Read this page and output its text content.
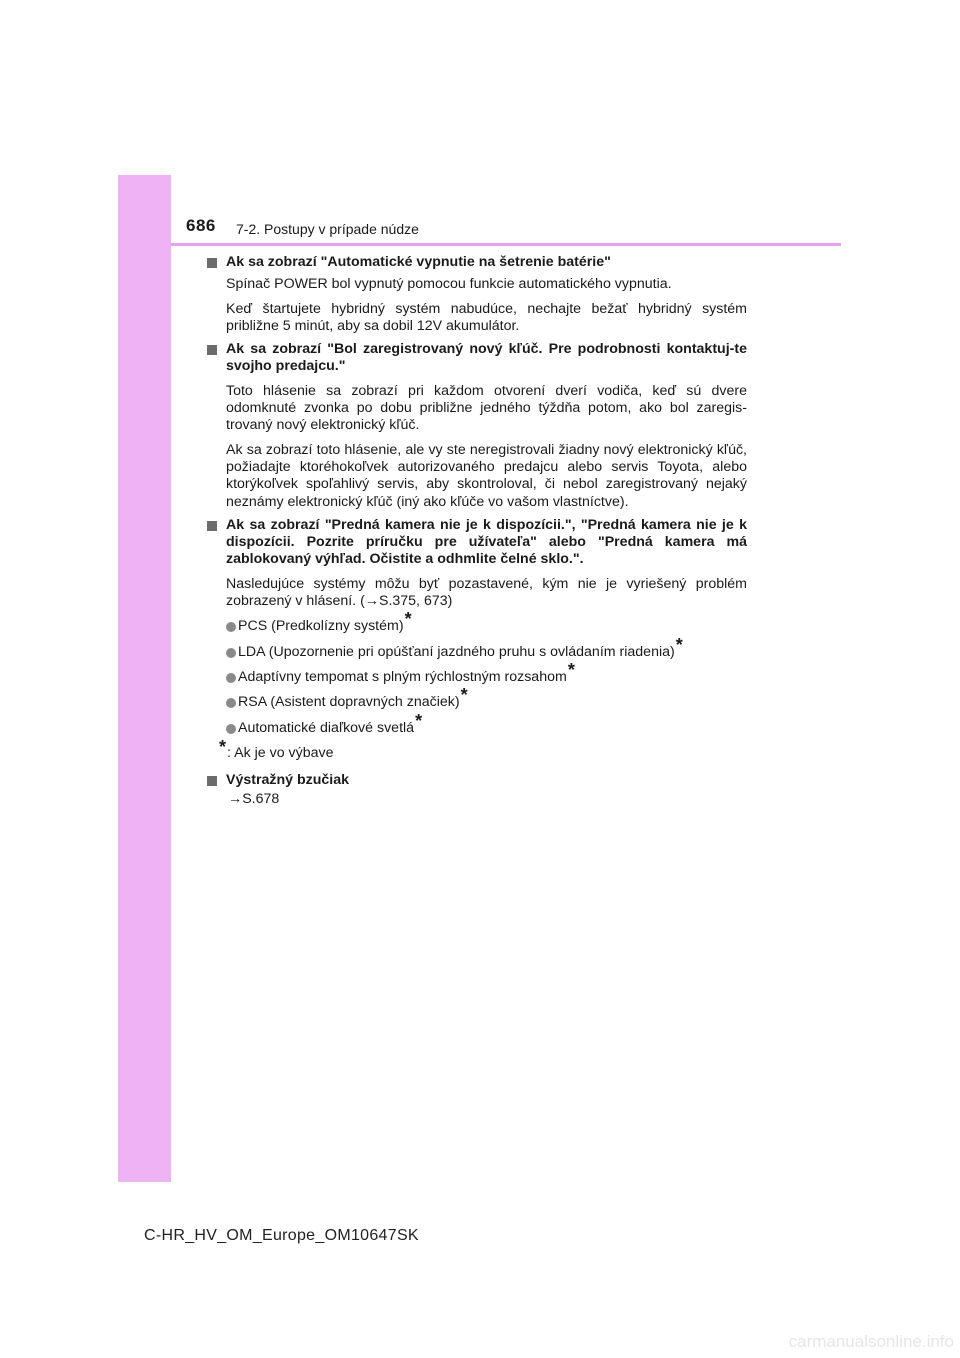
686 7-2. Postupy v prípade núdze
Ak sa zobrazí "Automatické vypnutie na šetrenie batérie"
Spínač POWER bol vypnutý pomocou funkcie automatického vypnutia.
Keď štartujete hybridný systém nabudúce, nechajte bežať hybridný systém približne 5 minút, aby sa dobil 12V akumulátor.
Ak sa zobrazí "Bol zaregistrovaný nový kľúč. Pre podrobnosti kontaktuj-te svojho predajcu."
Toto hlásenie sa zobrazí pri každom otvorení dverí vodiča, keď sú dvere odomknuté zvonka po dobu približne jedného týždňa potom, ako bol zaregis-trovaný nový elektronický kľúč.
Ak sa zobrazí toto hlásenie, ale vy ste neregistrovali žiadny nový elektronický kľúč, požiadajte ktoréhokoľvek autorizovaného predajcu alebo servis Toyota, alebo ktorýkoľvek spoľahlivý servis, aby skontroloval, či nebol zaregistrovaný nejaký neznámy elektronický kľúč (iný ako kľúče vo vašom vlastníctve).
Ak sa zobrazí "Predná kamera nie je k dispozícii.", "Predná kamera nie je k dispozícii. Pozrite príručku pre užívateľa" alebo "Predná kamera má zablokovaný výhľad. Očistite a odhmlite čelné sklo.".
Nasledujúce systémy môžu byť pozastavené, kým nie je vyriešený problém zobrazený v hlásení. (→S.375, 673)
PCS (Predkolízny systém)*
LDA (Upozornenie pri opúšťaní jazdného pruhu s ovládaním riadenia)*
Adaptívny tempomat s plným rýchlostným rozsahom*
RSA (Asistent dopravných značiek)*
Automatické diaľkové svetlá*
*: Ak je vo výbave
Výstražný bzučiak
→S.678
C-HR_HV_OM_Europe_OM10647SK
carmanualsonline.info
